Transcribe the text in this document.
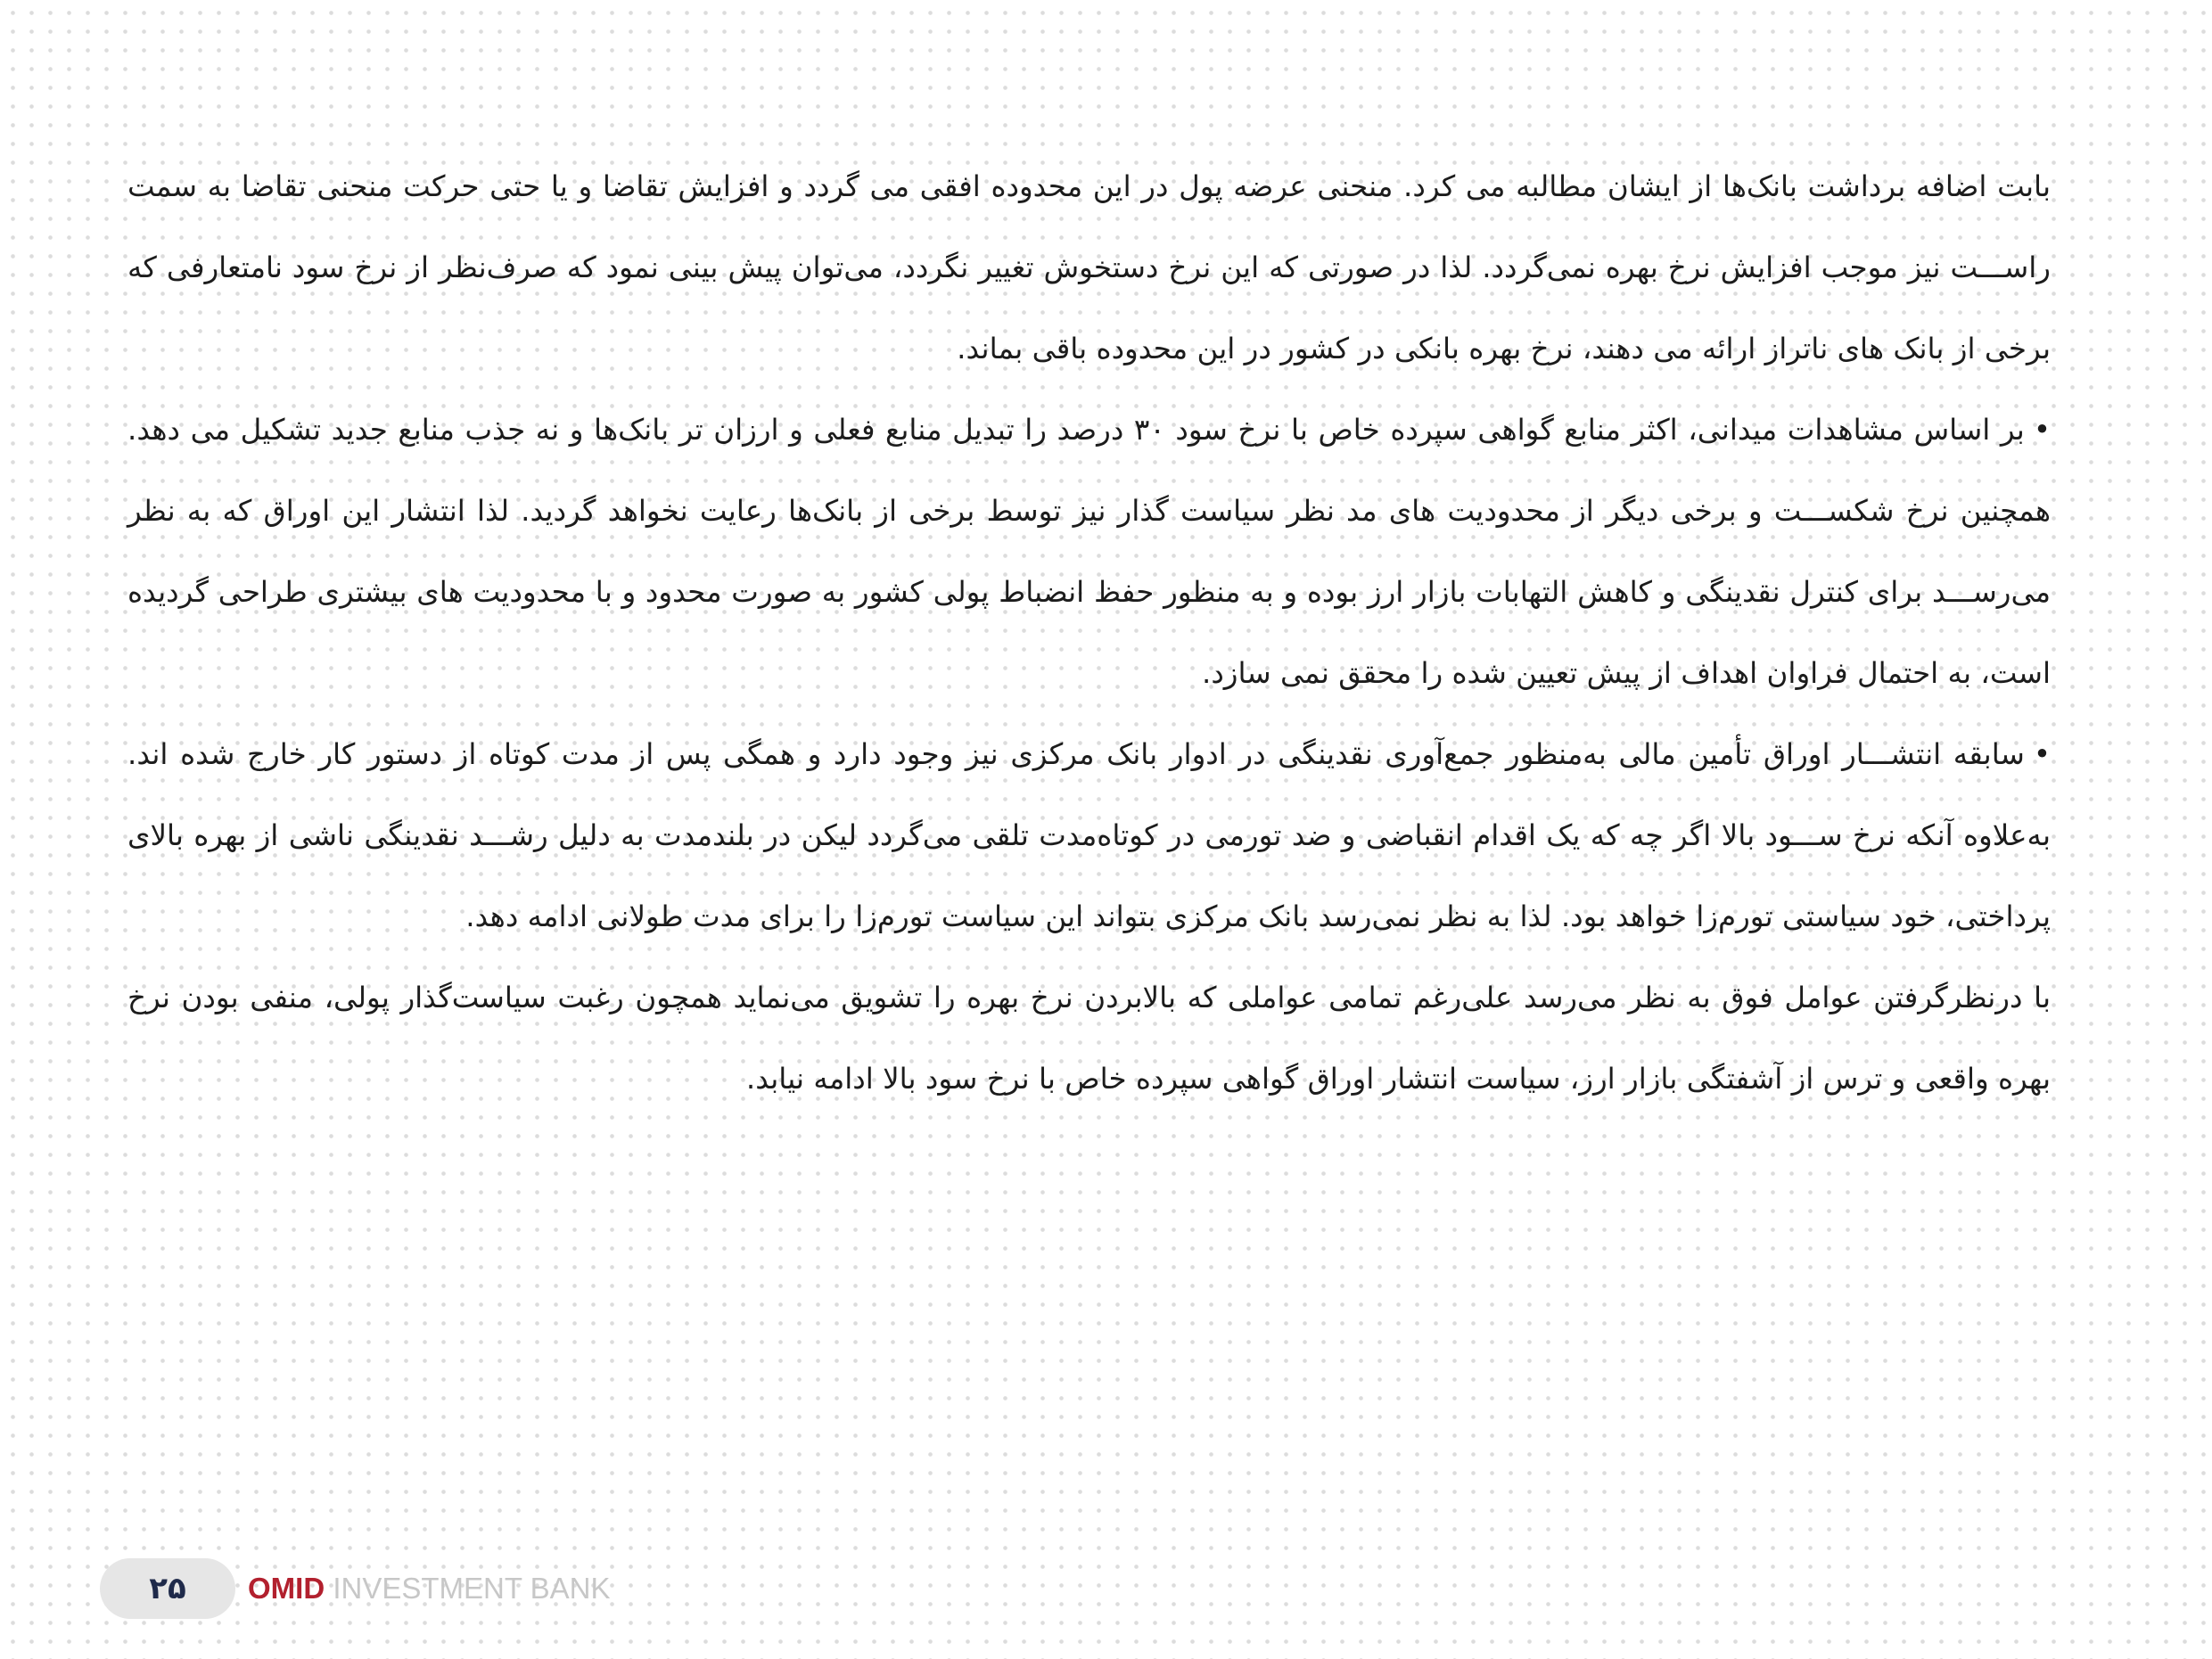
بابت اضافه برداشت بانک‌ها از ایشان مطالبه می کرد. منحنی عرضه پول در این محدوده افقی می گردد و افزایش تقاضا و یا حتی حرکت منحنی تقاضا به سمت راســـت نیز موجب افزایش نرخ بهره نمی‌گردد. لذا در صورتی که این نرخ دستخوش تغییر نگردد، می‌توان پیش بینی نمود که صرف‌نظر از نرخ سود نامتعارفی که برخی از بانک های ناتراز ارائه می دهند، نرخ بهره بانکی در کشور در این محدوده باقی بماند.

•بر اساس مشاهدات میدانی، اکثر منابع گواهی سپرده خاص با نرخ سود ۳۰ درصد را تبدیل منابع فعلی و ارزان تر بانک‌ها و نه جذب منابع جدید تشکیل می دهد. همچنین نرخ شکســـت و برخی دیگر از محدودیت های مد نظر سیاست گذار نیز توسط برخی از بانک‌ها رعایت نخواهد گردید. لذا انتشار این اوراق که به نظر می‌رســـد برای کنترل نقدینگی و کاهش التهابات بازار ارز بوده و به منظور حفظ انضباط پولی کشور به صورت محدود و با محدودیت های بیشتری طراحی گردیده است، به احتمال فراوان اهداف از پیش تعیین شده را محقق نمی سازد.

•سابقه انتشـــار اوراق تأمین مالی به‌منظور جمع‌آوری نقدینگی در ادوار بانک مرکزی نیز وجود دارد و همگی پس از مدت کوتاه از دستور کار خارج شده اند. به‌علاوه آنکه نرخ ســـود بالا اگر چه که یک اقدام انقباضی و ضد تورمی در کوتاه‌مدت تلقی می‌گردد لیکن در بلندمدت به دلیل رشـــد نقدینگی ناشی از بهره بالای پرداختی، خود سیاستی تورم‌زا خواهد بود. لذا به نظر نمی‌رسد بانک مرکزی بتواند این سیاست تورم‌زا را برای مدت طولانی ادامه دهد.

با درنظرگرفتن عوامل فوق به نظر می‌رسد علی‌رغم تمامی عواملی که بالابردن نرخ بهره را تشویق می‌نماید همچون رغبت سیاست‌گذار پولی، منفی بودن نرخ بهره واقعی و ترس از آشفتگی بازار ارز، سیاست انتشار اوراق گواهی سپرده خاص با نرخ سود بالا ادامه نیابد.

۲۵	OMID INVESTMENT BANK
